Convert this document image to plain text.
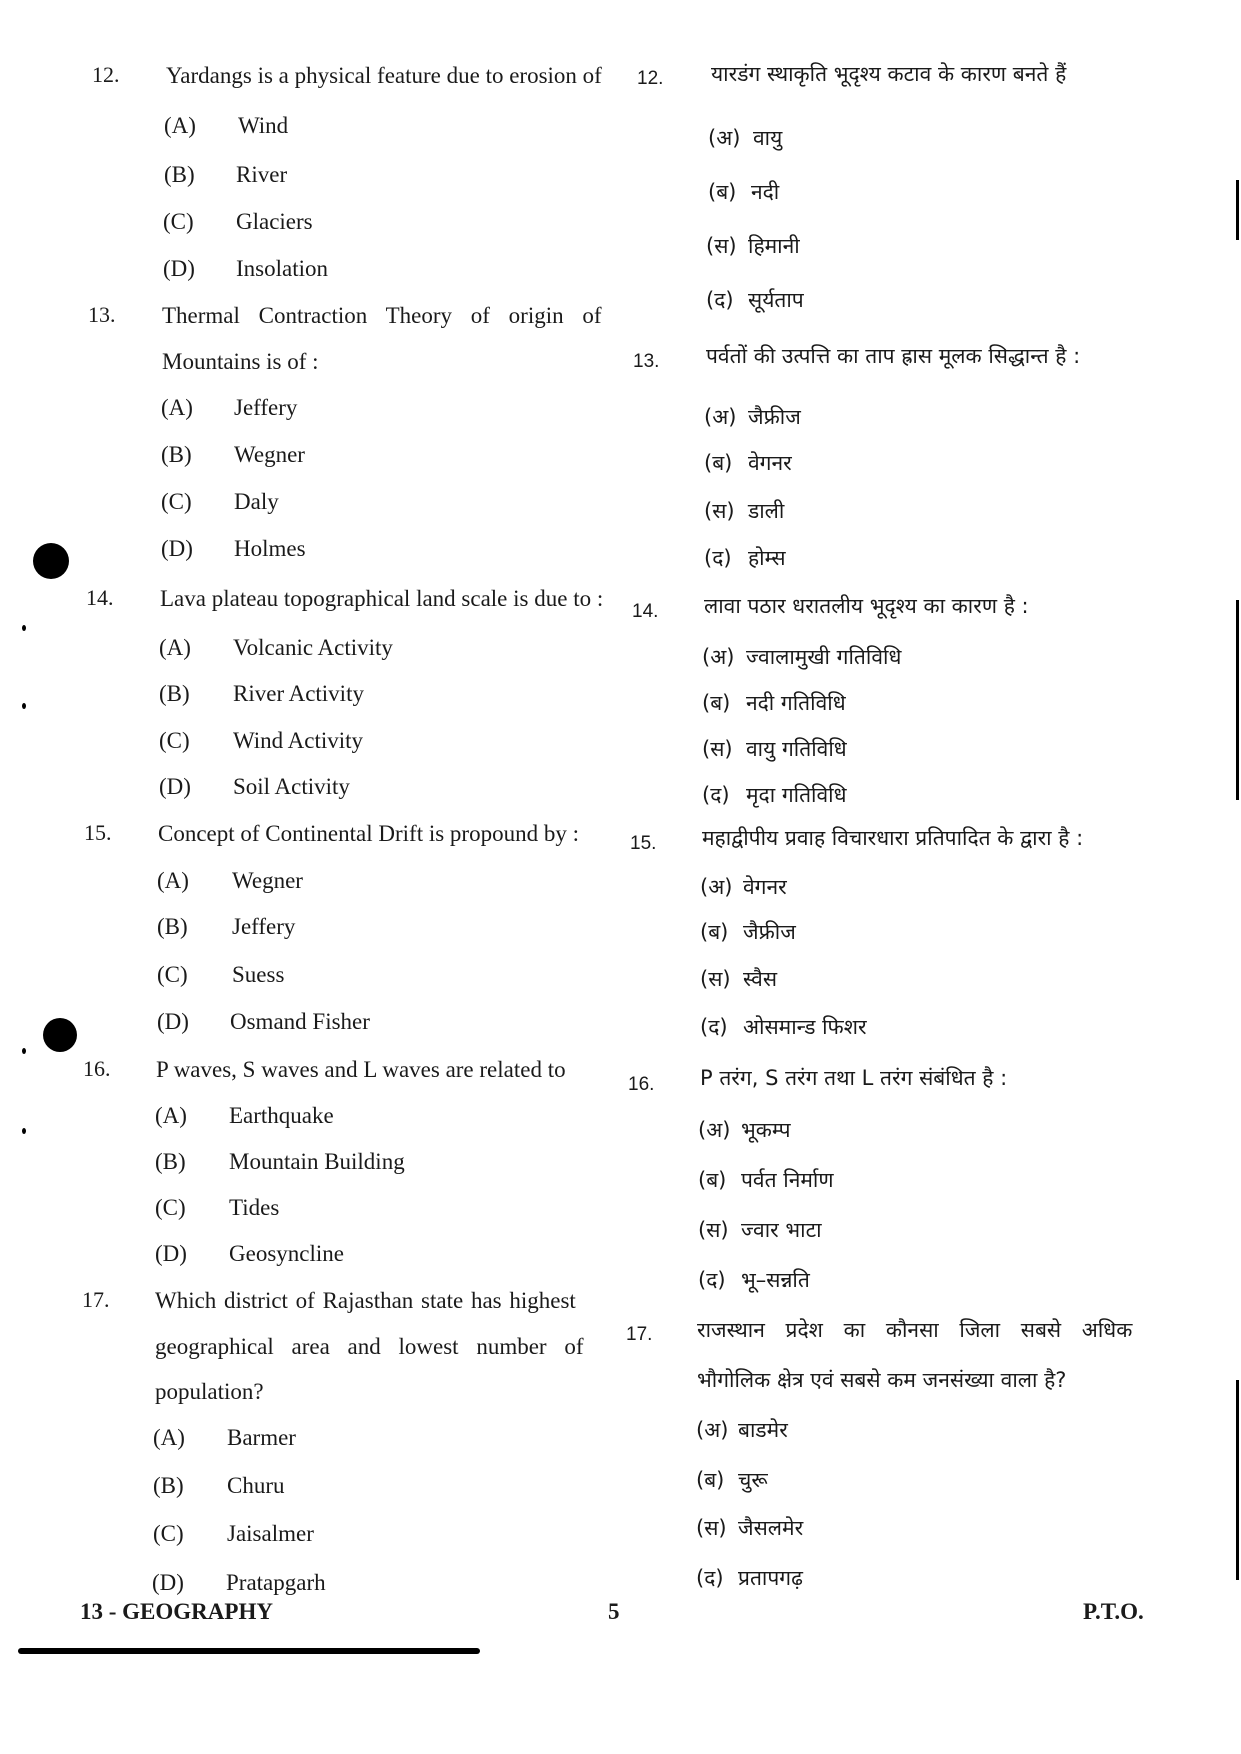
12. Yardangs is a physical feature due to erosion of
(A) Wind
(B) River
(C) Glaciers
(D) Insolation
13. Thermal Contraction Theory of origin of
Mountains is of :
(A) Jeffery
(B) Wegner
(C) Daly
(D) Holmes
14. Lava plateau topographical land scale is due to :
(A) Volcanic Activity
(B) River Activity
(C) Wind Activity
(D) Soil Activity
15. Concept of Continental Drift is propound by :
(A) Wegner
(B) Jeffery
(C) Suess
(D) Osmand Fisher
16. P waves, S waves and L waves are related to
(A) Earthquake
(B) Mountain Building
(C) Tides
(D) Geosyncline
17. Which district of Rajasthan state has highest
geographical area and lowest number of
population?
(A) Barmer
(B) Churu
(C) Jaisalmer
(D) Pratapgarh
12. यारडंग स्थाकृति भूदृश्य कटाव के कारण बनते हैं
(अ) वायु
(ब) नदी
(स) हिमानी
(द) सूर्यताप
13. पर्वतों की उत्पत्ति का ताप ह्रास मूलक सिद्धान्त है :
(अ) जैफ्रीज
(ब) वेगनर
(स) डाली
(द) होम्स
14. लावा पठार धरातलीय भूदृश्य का कारण है :
(अ) ज्वालामुखी गतिविधि
(ब) नदी गतिविधि
(स) वायु गतिविधि
(द) मृदा गतिविधि
15. महाद्वीपीय प्रवाह विचारधारा प्रतिपादित के द्वारा है :
(अ) वेगनर
(ब) जैफ्रीज
(स) स्वैस
(द) ओसमान्ड फिशर
16. P तरंग, S तरंग तथा L तरंग संबंधित है :
(अ) भूकम्प
(ब) पर्वत निर्माण
(स) ज्वार भाटा
(द) भू–सन्नति
17. राजस्थान प्रदेश का कौनसा जिला सबसे अधिक
भौगोलिक क्षेत्र एवं सबसे कम जनसंख्या वाला है?
(अ) बाडमेर
(ब) चुरू
(स) जैसलमेर
(द) प्रतापगढ़
13 - GEOGRAPHY	5	P.T.O.
